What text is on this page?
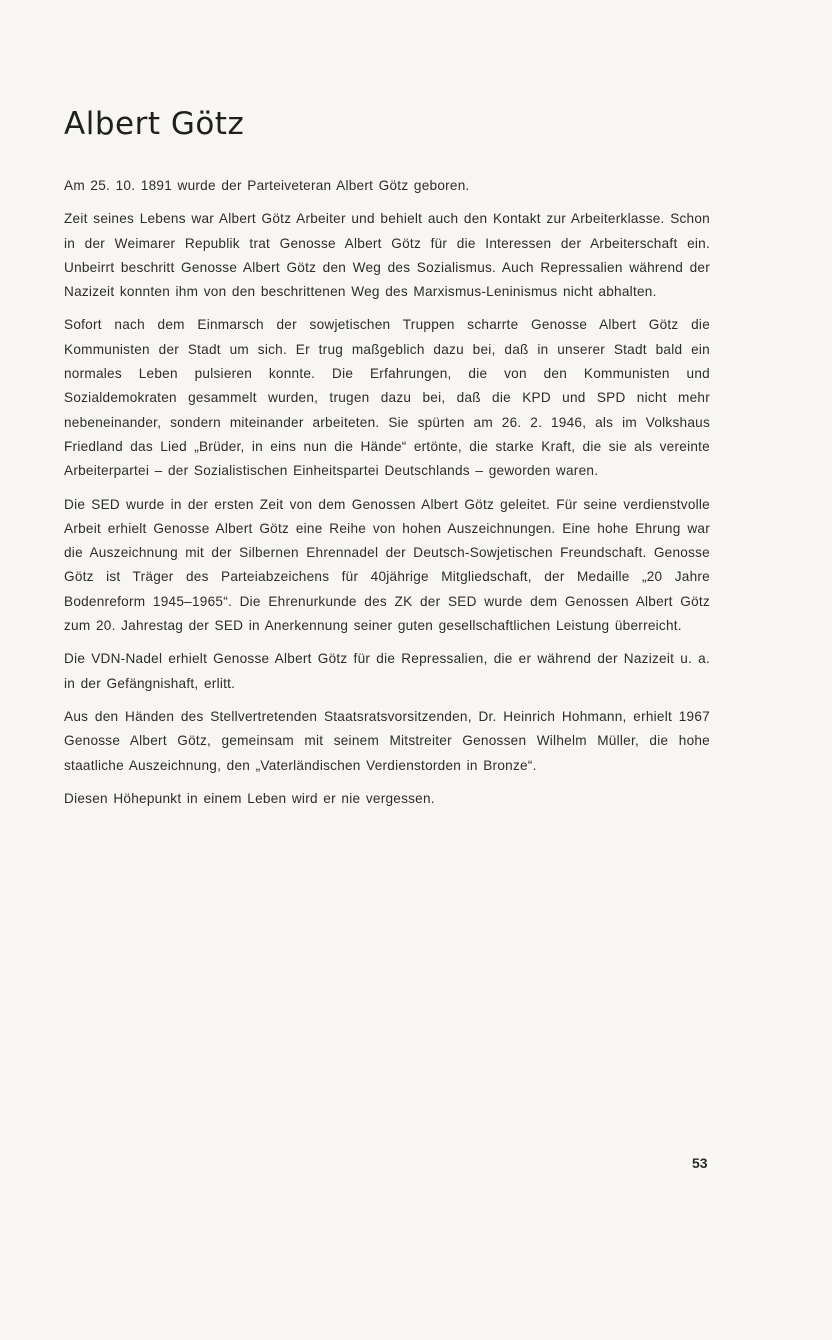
Albert Götz

Am 25. 10. 1891 wurde der Parteiveteran Albert Götz geboren.

Zeit seines Lebens war Albert Götz Arbeiter und behielt auch den Kontakt zur Arbeiterklasse. Schon in der Weimarer Republik trat Genosse Albert Götz für die Interessen der Arbeiterschaft ein. Unbeirrt beschritt Genosse Albert Götz den Weg des Sozialismus. Auch Repressalien während der Nazizeit konnten ihm von den beschrittenen Weg des Marxismus-Leninismus nicht abhalten.

Sofort nach dem Einmarsch der sowjetischen Truppen scharrte Genosse Albert Götz die Kommunisten der Stadt um sich. Er trug maßgeblich dazu bei, daß in unserer Stadt bald ein normales Leben pulsieren konnte. Die Erfahrungen, die von den Kommunisten und Sozialdemokraten gesammelt wurden, trugen dazu bei, daß die KPD und SPD nicht mehr nebeneinander, sondern miteinander arbeiteten. Sie spürten am 26. 2. 1946, als im Volkshaus Friedland das Lied „Brüder, in eins nun die Hände“ ertönte, die starke Kraft, die sie als vereinte Arbeiterpartei – der Sozialistischen Einheitspartei Deutschlands – geworden waren.

Die SED wurde in der ersten Zeit von dem Genossen Albert Götz geleitet. Für seine verdienstvolle Arbeit erhielt Genosse Albert Götz eine Reihe von hohen Auszeichnungen. Eine hohe Ehrung war die Auszeichnung mit der Silbernen Ehrennadel der Deutsch-Sowjetischen Freundschaft. Genosse Götz ist Träger des Parteiabzeichens für 40jährige Mitgliedschaft, der Medaille „20 Jahre Bodenreform 1945–1965“. Die Ehrenurkunde des ZK der SED wurde dem Genossen Albert Götz zum 20. Jahrestag der SED in Anerkennung seiner guten gesellschaftlichen Leistung überreicht.

Die VDN-Nadel erhielt Genosse Albert Götz für die Repressalien, die er während der Nazizeit u. a. in der Gefängnishaft, erlitt.

Aus den Händen des Stellvertretenden Staatsratsvorsitzenden, Dr. Heinrich Hohmann, erhielt 1967 Genosse Albert Götz, gemeinsam mit seinem Mitstreiter Genossen Wilhelm Müller, die hohe staatliche Auszeichnung, den „Vaterländischen Verdienstorden in Bronze“.

Diesen Höhepunkt in einem Leben wird er nie vergessen.

53
